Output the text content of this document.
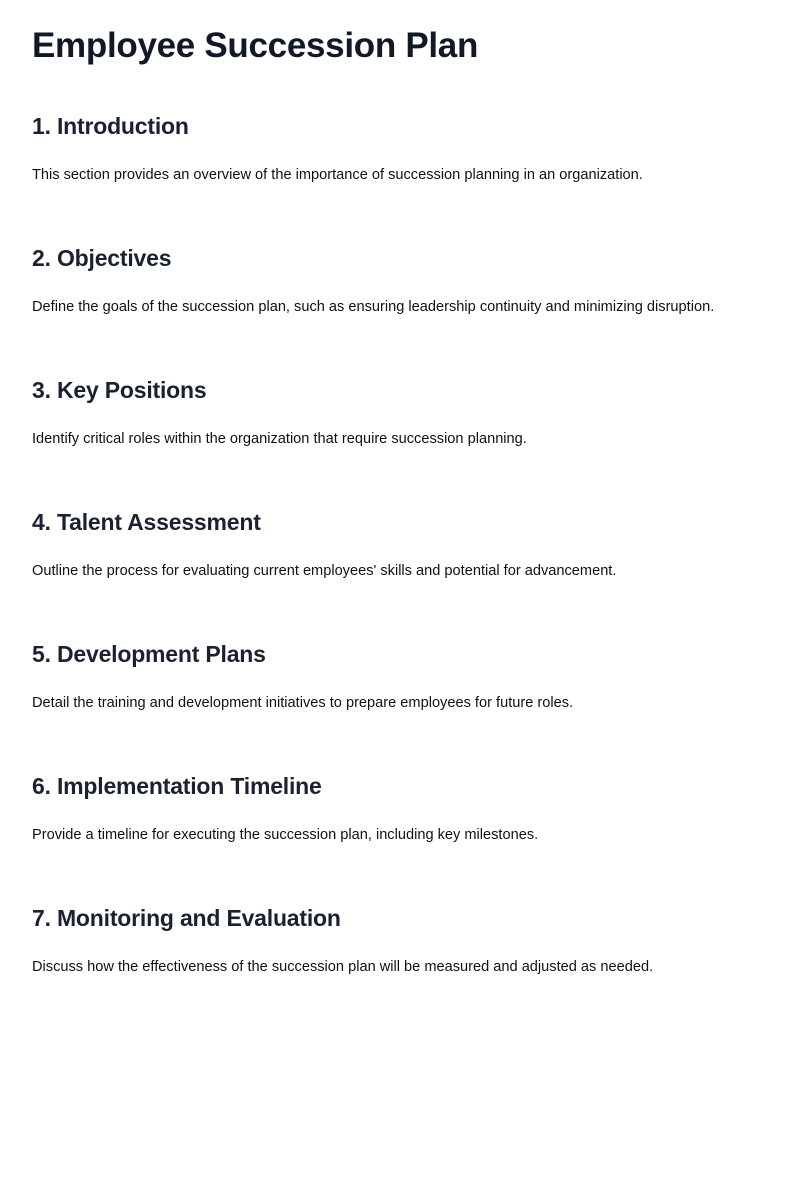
Employee Succession Plan
1. Introduction

This section provides an overview of the importance of succession planning in an organization.

2. Objectives

Define the goals of the succession plan, such as ensuring leadership continuity and minimizing disruption.

3. Key Positions

Identify critical roles within the organization that require succession planning.

4. Talent Assessment

Outline the process for evaluating current employees' skills and potential for advancement.

5. Development Plans

Detail the training and development initiatives to prepare employees for future roles.

6. Implementation Timeline

Provide a timeline for executing the succession plan, including key milestones.

7. Monitoring and Evaluation

Discuss how the effectiveness of the succession plan will be measured and adjusted as needed.
